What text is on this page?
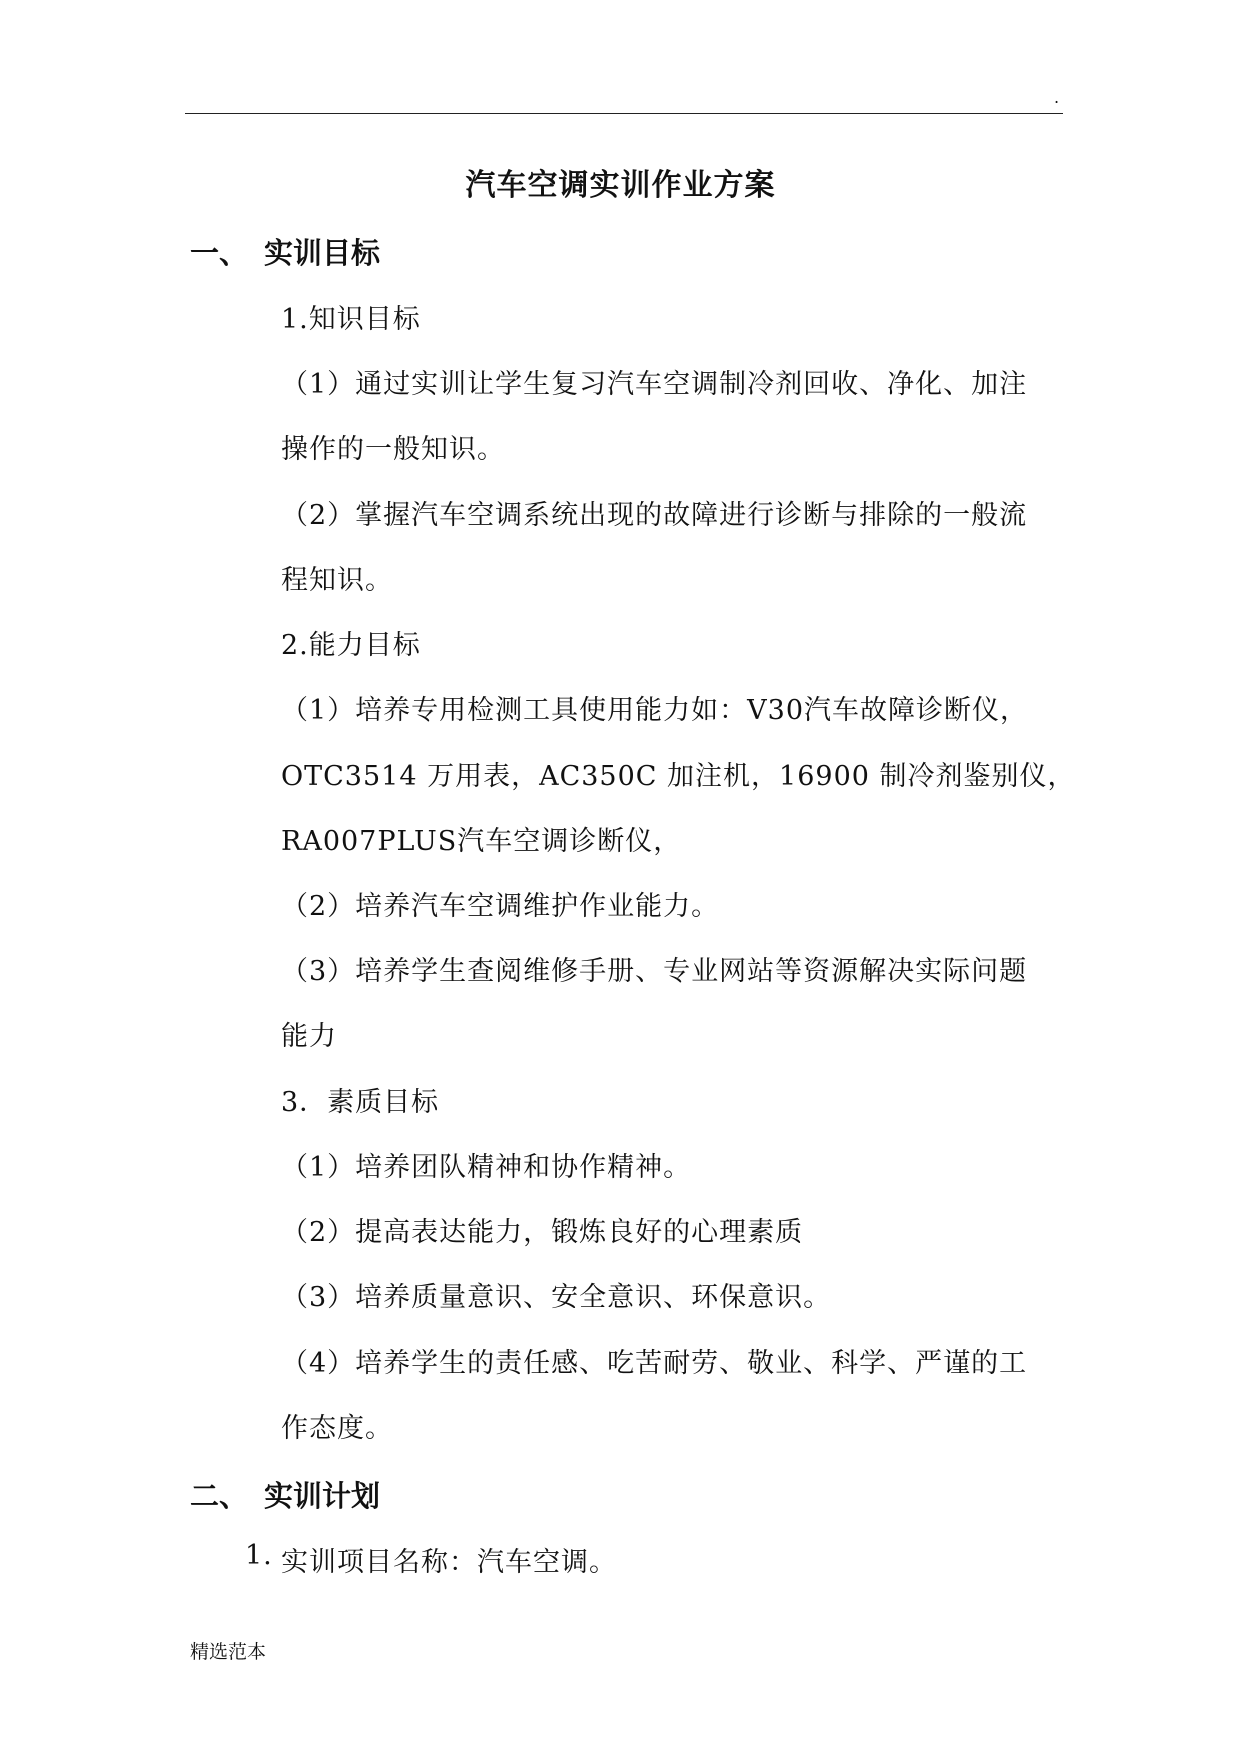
.
汽车空调实训作业方案
一、 实训目标
1.知识目标
（1）通过实训让学生复习汽车空调制冷剂回收、净化、加注
操作的一般知识。
（2）掌握汽车空调系统出现的故障进行诊断与排除的一般流
程知识。
2.能力目标
（1）培养专用检测工具使用能力如：V30汽车故障诊断仪，
OTC3514 万用表，AC350C 加注机，16900 制冷剂鉴别仪，
RA007PLUS汽车空调诊断仪，
（2）培养汽车空调维护作业能力。
（3）培养学生查阅维修手册、专业网站等资源解决实际问题
能力
3．素质目标
（1）培养团队精神和协作精神。
（2）提高表达能力，锻炼良好的心理素质
（3）培养质量意识、安全意识、环保意识。
（4）培养学生的责任感、吃苦耐劳、敬业、科学、严谨的工
作态度。
二、 实训计划
1. 实训项目名称：汽车空调。
精选范本
